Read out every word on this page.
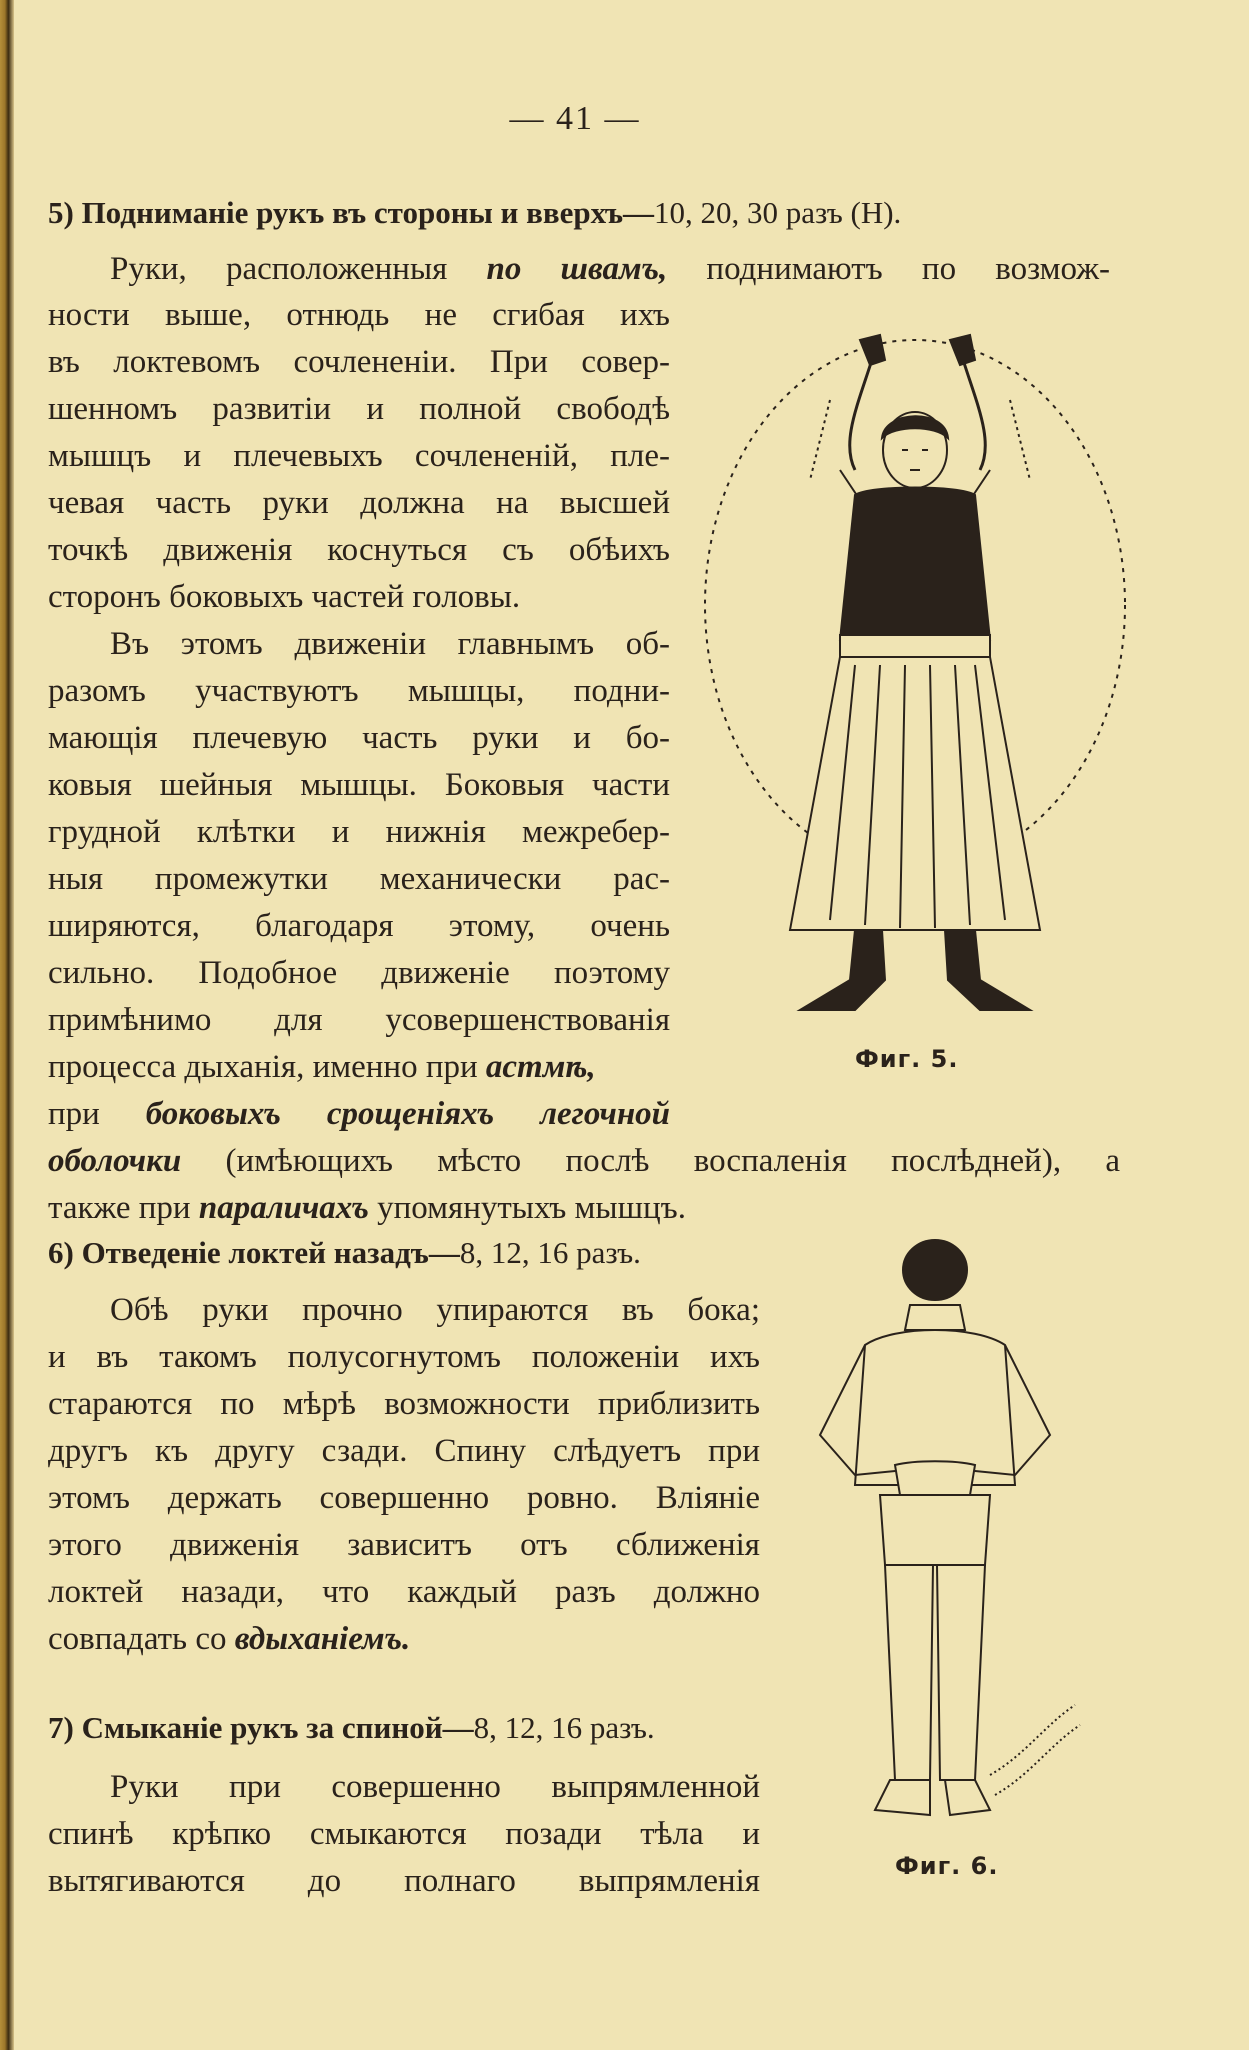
— 41 —
5) Подниманіе рукъ въ стороны и вверхъ—10, 20, 30 разъ (Н).
Руки, расположенныя по швамъ, поднимаютъ по возмож-
ности выше, отнюдь не сгибая ихъ
въ локтевомъ сочлененіи. При совер-
шенномъ развитіи и полной свободѣ
мышцъ и плечевыхъ сочлененій, пле-
чевая часть руки должна на высшей
точкѣ движенія коснуться съ обѣихъ
сторонъ боковыхъ частей головы.
Въ этомъ движеніи главнымъ об-
разомъ участвуютъ мышцы, подни-
мающія плечевую часть руки и бо-
ковыя шейныя мышцы. Боковыя части
грудной клѣтки и нижнія межребер-
ныя промежутки механически рас-
ширяются, благодаря этому, очень
сильно. Подобное движеніе поэтому
примѣнимо для усовершенствованія
процесса дыханія, именно при астмѣ,
при боковыхъ срощеніяхъ легочной
оболочки (имѣющихъ мѣсто послѣ воспаленія послѣдней), а
также при параличахъ упомянутыхъ мышцъ.
Фиг. 5.
6) Отведеніе локтей назадъ—8, 12, 16 разъ.
Обѣ руки прочно упираются въ бока;
и въ такомъ полусогнутомъ положеніи ихъ
стараются по мѣрѣ возможности приблизить
другъ къ другу сзади. Спину слѣдуетъ при
этомъ держать совершенно ровно. Вліяніе
этого движенія зависитъ отъ сближенія
локтей назади, что каждый разъ должно
совпадать со вдыханіемъ.
Фиг. 6.
7) Смыканіе рукъ за спиной—8, 12, 16 разъ.
Руки при совершенно выпрямленной
спинѣ крѣпко смыкаются позади тѣла и
вытягиваются до полнаго выпрямленія
